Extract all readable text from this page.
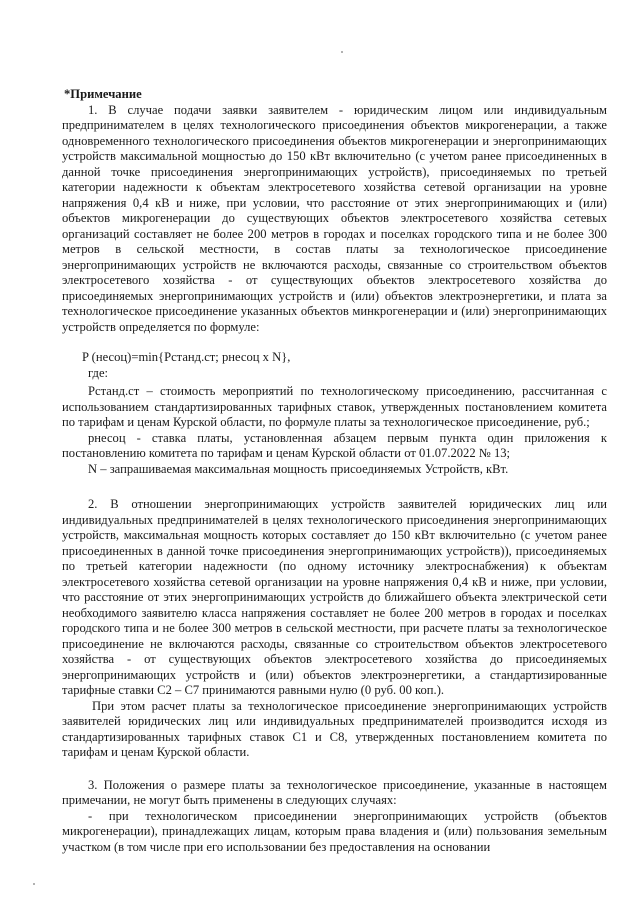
*Примечание

1. В случае подачи заявки заявителем - юридическим лицом или индивидуальным предпринимателем в целях технологического присоединения объектов микрогенерации, а также одновременного технологического присоединения объектов микрогенерации и энергопринимающих устройств максимальной мощностью до 150 кВт включительно (с учетом ранее присоединенных в данной точке присоединения энергопринимающих устройств), присоединяемых по третьей категории надежности к объектам электросетевого хозяйства сетевой организации на уровне напряжения 0,4 кВ и ниже, при условии, что расстояние от этих энергопринимающих и (или) объектов микрогенерации до существующих объектов электросетевого хозяйства сетевых организаций составляет не более 200 метров в городах и поселках городского типа и не более 300 метров в сельской местности, в состав платы за технологическое присоединение энергопринимающих устройств не включаются расходы, связанные со строительством объектов электросетевого хозяйства - от существующих объектов электросетевого хозяйства до присоединяемых энергопринимающих устройств и (или) объектов электроэнергетики, и плата за технологическое присоединение указанных объектов минкрогенерации и (или) энергопринимающих устройств определяется по формуле:

P (несоц)=min{Рстанд.ст; pнесоц x N},
где:

Рстанд.ст – стоимость мероприятий по технологическому присоединению, рассчитанная с использованием стандартизированных тарифных ставок, утвержденных постановлением комитета по тарифам и ценам Курской области, по формуле платы за технологическое присоединение, руб.;

pнесоц - ставка платы, установленная абзацем первым пункта один приложения к постановлению комитета по тарифам и ценам Курской области от 01.07.2022 № 13;

N – запрашиваемая максимальная мощность присоединяемых Устройств, кВт.

2. В отношении энергопринимающих устройств заявителей юридических лиц или индивидуальных предпринимателей в целях технологического присоединения энергопринимающих устройств, максимальная мощность которых составляет до 150 кВт включительно (с учетом ранее присоединенных в данной точке присоединения энергопринимающих устройств)), присоединяемых по третьей категории надежности (по одному источнику электроснабжения) к объектам электросетевого хозяйства сетевой организации на уровне напряжения 0,4 кВ и ниже, при условии, что расстояние от этих энергопринимающих устройств до ближайшего объекта электрической сети необходимого заявителю класса напряжения составляет не более 200 метров в городах и поселках городского типа и не более 300 метров в сельской местности, при расчете платы за технологическое присоединение не включаются расходы, связанные со строительством объектов электросетевого хозяйства - от существующих объектов электросетевого хозяйства до присоединяемых энергопринимающих устройств и (или) объектов электроэнергетики, а стандартизированные тарифные ставки С2 – С7 принимаются равными нулю (0 руб. 00 коп.).

При этом расчет платы за технологическое присоединение энергопринимающих устройств заявителей юридических лиц или индивидуальных предпринимателей производится исходя из стандартизированных тарифных ставок С1 и С8, утвержденных постановлением комитета по тарифам и ценам Курской области.

3. Положения о размере платы за технологическое присоединение, указанные в настоящем примечании, не могут быть применены в следующих случаях:

- при технологическом присоединении энергопринимающих устройств (объектов микрогенерации), принадлежащих лицам, которым права владения и (или) пользования земельным участком (в том числе при его использовании без предоставления на основании
